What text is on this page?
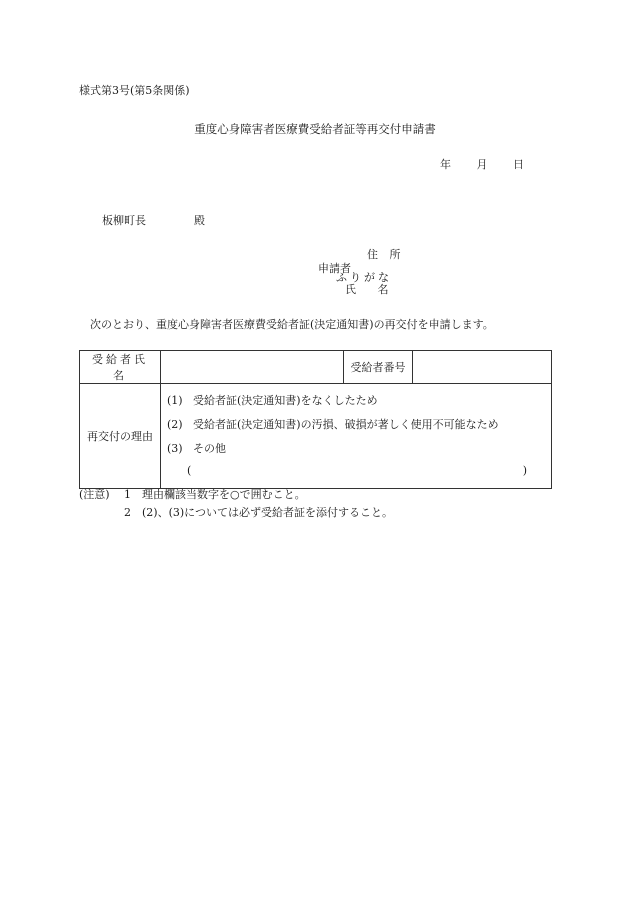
様式第3号(第5条関係)
重度心身障害者医療費受給者証等再交付申請書
年 月 日
板柳町長	殿
住 所
申請者
ふりがな
氏 名
次のとおり、重度心身障害者医療費受給者証(決定通知書)の再交付を申請します。
受給者氏名		受給者番号	
再交付の理由	(1) 受給者証(決定通知書)をなくしたため
(2) 受給者証(決定通知書)の汚損、破損が著しく使用不可能なため
(3) その他
( )		
(注意) 1 理由欄該当数字を○で囲むこと。
2 (2)、(3)については必ず受給者証を添付すること。
